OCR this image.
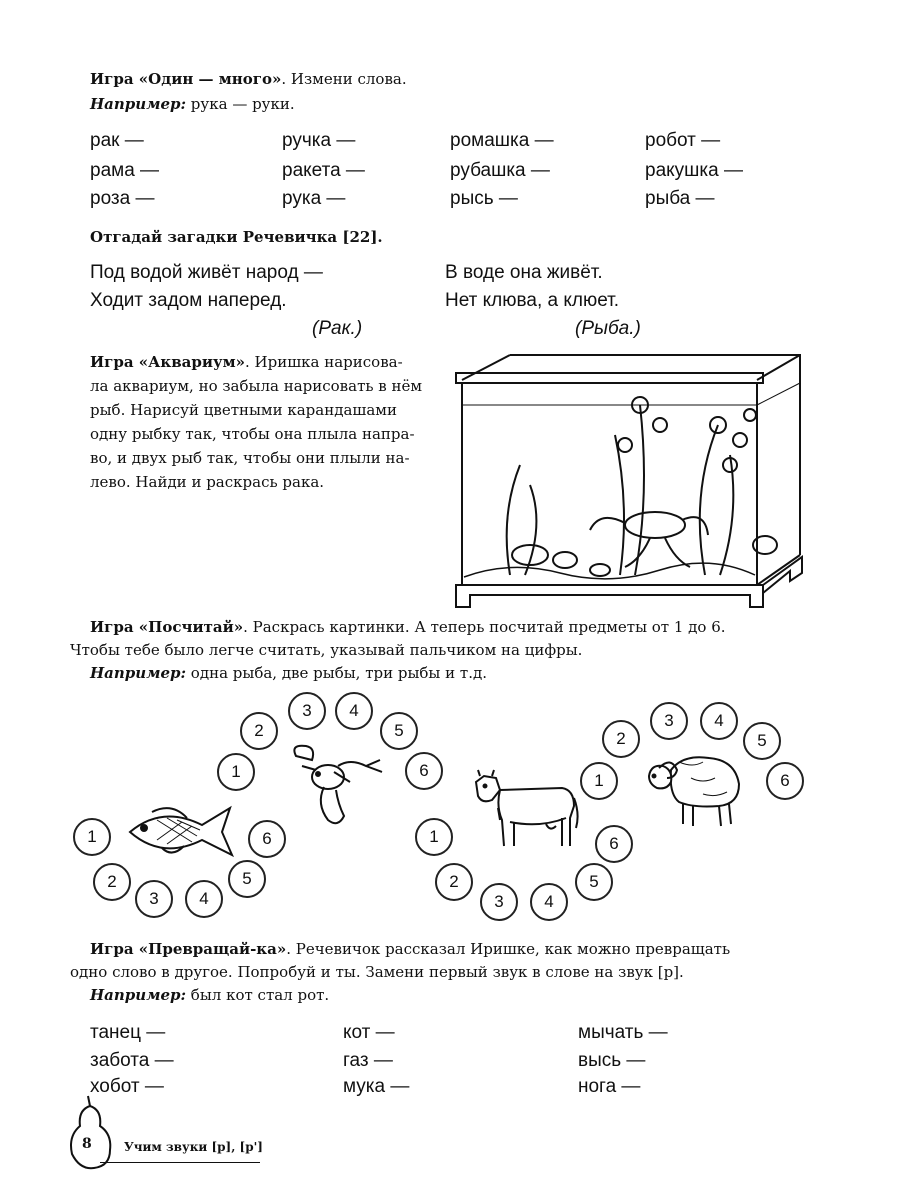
Игра «Один — много». Измени слова.
Например: рука — руки.
рак —	ручка —	ромашка —	робот —
рама —	ракета —	рубашка —	ракушка —
роза —	рука —	рысь —	рыба —
Отгадай загадки Речевичка [22].
Под водой живёт народ —
Ходит задом наперед.
(Рак.)
В воде она живёт.
Нет клюва, а клюет.
(Рыба.)
Игра «Аквариум». Иришка нарисова-
ла аквариум, но забыла нарисовать в нём
рыб. Нарисуй цветными карандашами
одну рыбку так, чтобы она плыла напра-
во, и двух рыб так, чтобы они плыли на-
лево. Найди и раскрась рака.
Игра «Посчитай». Раскрась картинки. А теперь посчитай предметы от 1 до 6.
Чтобы тебе было легче считать, указывай пальчиком на цифры.
Например: одна рыба, две рыбы, три рыбы и т.д.
1
2
3	4
5
6
1
2
3	4
5
6
1
2
3	4
5
6
1
2
3	4
5
6
Игра «Превращай-ка». Речевичок рассказал Иришке, как можно превращать
одно слово в другое. Попробуй и ты. Замени первый звук в слове на звук [р].
Например: был кот стал рот.
танец —	кот —	мычать —
забота —	газ —	высь —
хобот —	мука —	нога —
8	Учим звуки [р], [р']
